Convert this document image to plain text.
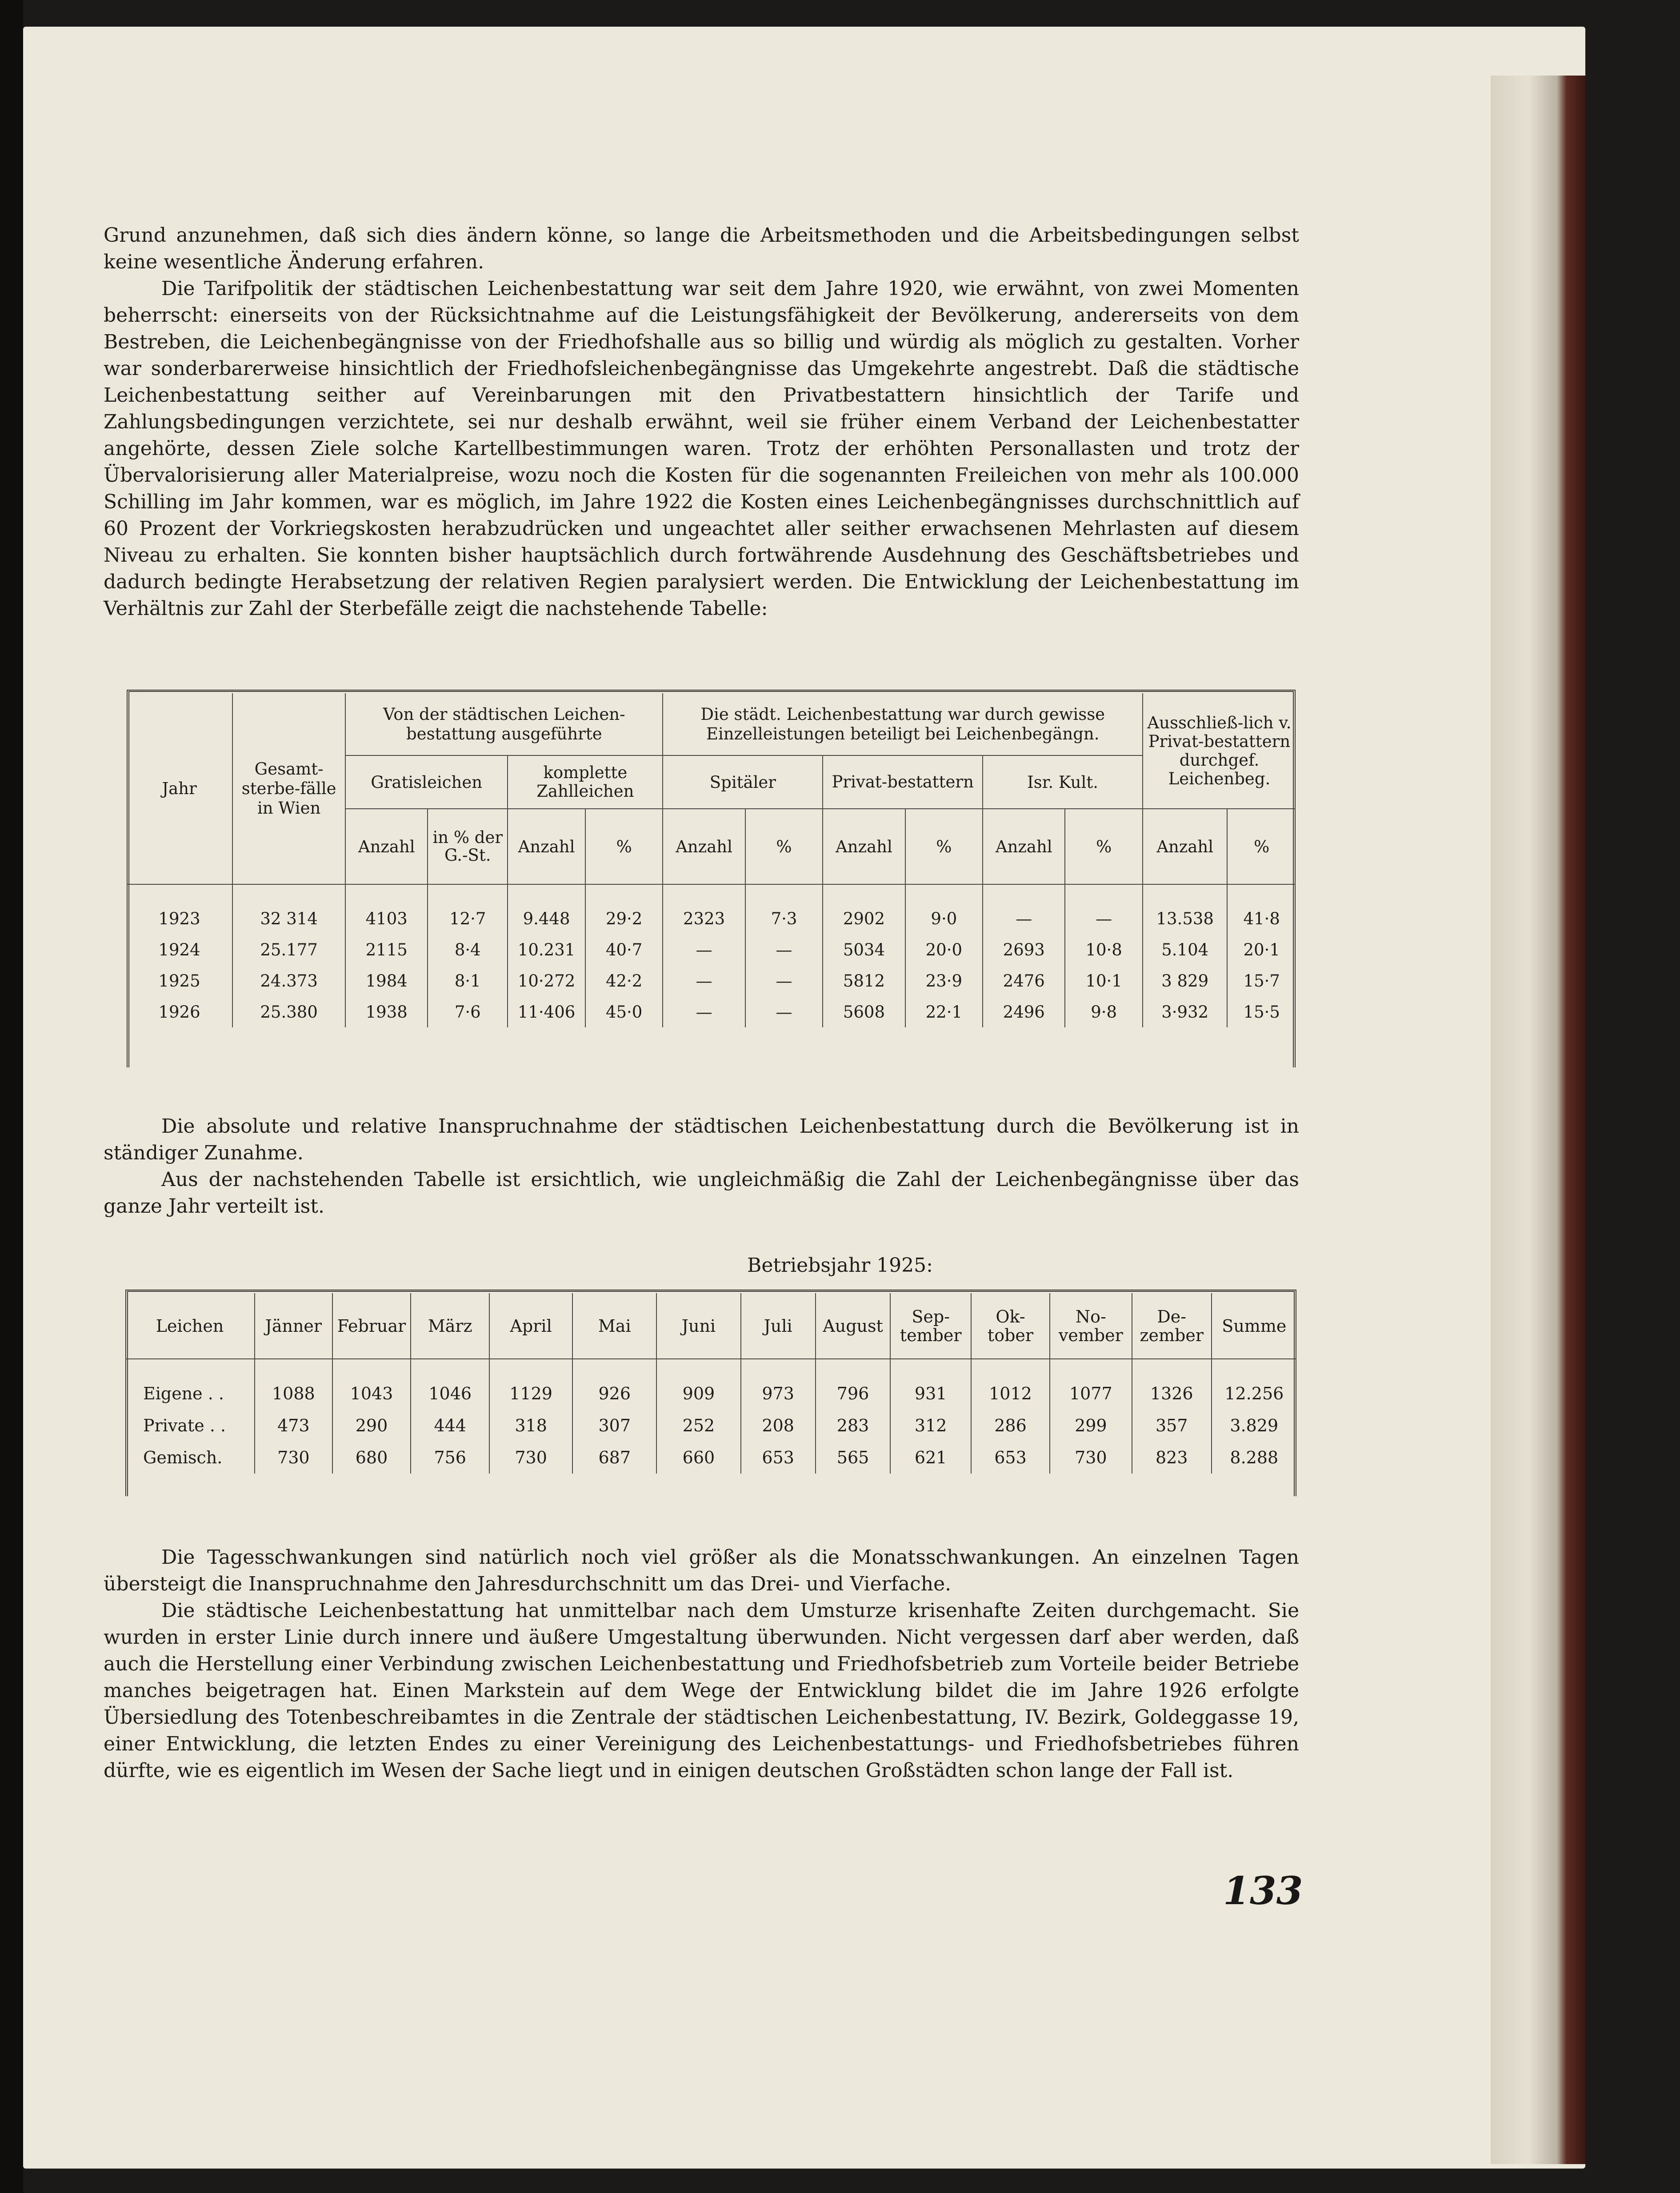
Grund anzunehmen, daß sich dies ändern könne, so lange die Arbeitsmethoden und die Arbeitsbedingungen selbst keine wesentliche Änderung erfahren.

Die Tarifpolitik der städtischen Leichenbestattung war seit dem Jahre 1920, wie erwähnt, von zwei Momenten beherrscht: einerseits von der Rücksichtnahme auf die Leistungsfähigkeit der Bevölkerung, andererseits von dem Bestreben, die Leichenbegängnisse von der Friedhofshalle aus so billig und würdig als möglich zu gestalten. Vorher war sonderbarerweise hinsichtlich der Friedhofsleichenbegängnisse das Umgekehrte angestrebt. Daß die städtische Leichenbestattung seither auf Vereinbarungen mit den Privatbestattern hinsichtlich der Tarife und Zahlungsbedingungen verzichtete, sei nur deshalb erwähnt, weil sie früher einem Verband der Leichenbestatter angehörte, dessen Ziele solche Kartellbestimmungen waren. Trotz der erhöhten Personallasten und trotz der Übervalorisierung aller Materialpreise, wozu noch die Kosten für die sogenannten Freileichen von mehr als 100.000 Schilling im Jahr kommen, war es möglich, im Jahre 1922 die Kosten eines Leichenbegängnisses durchschnittlich auf 60 Prozent der Vorkriegskosten herabzudrücken und ungeachtet aller seither erwachsenen Mehrlasten auf diesem Niveau zu erhalten. Sie konnten bisher hauptsächlich durch fortwährende Ausdehnung des Geschäftsbetriebes und dadurch bedingte Herabsetzung der relativen Regien paralysiert werden. Die Entwicklung der Leichenbestattung im Verhältnis zur Zahl der Sterbefälle zeigt die nachstehende Tabelle:

Jahr	Gesamt-sterbe-fälle in Wien	Von der städtischen Leichen-bestattung ausgeführte				Die städt. Leichenbestattung war durch gewisse Einzelleistungen beteiligt bei Leichenbegängn.						Ausschließ-lich v. Privat-bestattern durchgef. Leichenbeg.	
		Gratisleichen		komplette Zahlleichen		Spitäler		Privat-bestattern		Isr. Kult.			
		Anzahl	in % der G.-St.	Anzahl	%	Anzahl	%	Anzahl	%	Anzahl	%	Anzahl	%

1923	32 314	4103	12·7	9.448	29·2	2323	7·3	2902	9·0	—	—	13.538	41·8
1924	25.177	2115	8·4	10.231	40·7	—	—	5034	20·0	2693	10·8	5.104	20·1
1925	24.373	1984	8·1	10·272	42·2	—	—	5812	23·9	2476	10·1	3 829	15·7
1926	25.380	1938	7·6	11·406	45·0	—	—	5608	22·1	2496	9·8	3·932	15·5

Die absolute und relative Inanspruchnahme der städtischen Leichenbestattung durch die Bevölkerung ist in ständiger Zunahme.

Aus der nachstehenden Tabelle ist ersichtlich, wie ungleichmäßig die Zahl der Leichenbegängnisse über das ganze Jahr verteilt ist.

Betriebsjahr 1925:
Leichen	Jänner	Februar	März	April	Mai	Juni	Juli	August	Sep-tember	Ok-tober	No-vember	De-zember	Summe

Eigene . .	1088	1043	1046	1129	926	909	973	796	931	1012	1077	1326	12.256
Private . .	473	290	444	318	307	252	208	283	312	286	299	357	3.829
Gemisch.	730	680	756	730	687	660	653	565	621	653	730	823	8.288

Die Tagesschwankungen sind natürlich noch viel größer als die Monatsschwankungen. An einzelnen Tagen übersteigt die Inanspruchnahme den Jahresdurchschnitt um das Drei- und Vierfache.

Die städtische Leichenbestattung hat unmittelbar nach dem Umsturze krisenhafte Zeiten durchgemacht. Sie wurden in erster Linie durch innere und äußere Umgestaltung überwunden. Nicht vergessen darf aber werden, daß auch die Herstellung einer Verbindung zwischen Leichenbestattung und Friedhofsbetrieb zum Vorteile beider Betriebe manches beigetragen hat. Einen Markstein auf dem Wege der Entwicklung bildet die im Jahre 1926 erfolgte Übersiedlung des Totenbeschreibamtes in die Zentrale der städtischen Leichenbestattung, IV. Bezirk, Goldeggasse 19, einer Entwicklung, die letzten Endes zu einer Vereinigung des Leichenbestattungs- und Friedhofsbetriebes führen dürfte, wie es eigentlich im Wesen der Sache liegt und in einigen deutschen Großstädten schon lange der Fall ist.

133
